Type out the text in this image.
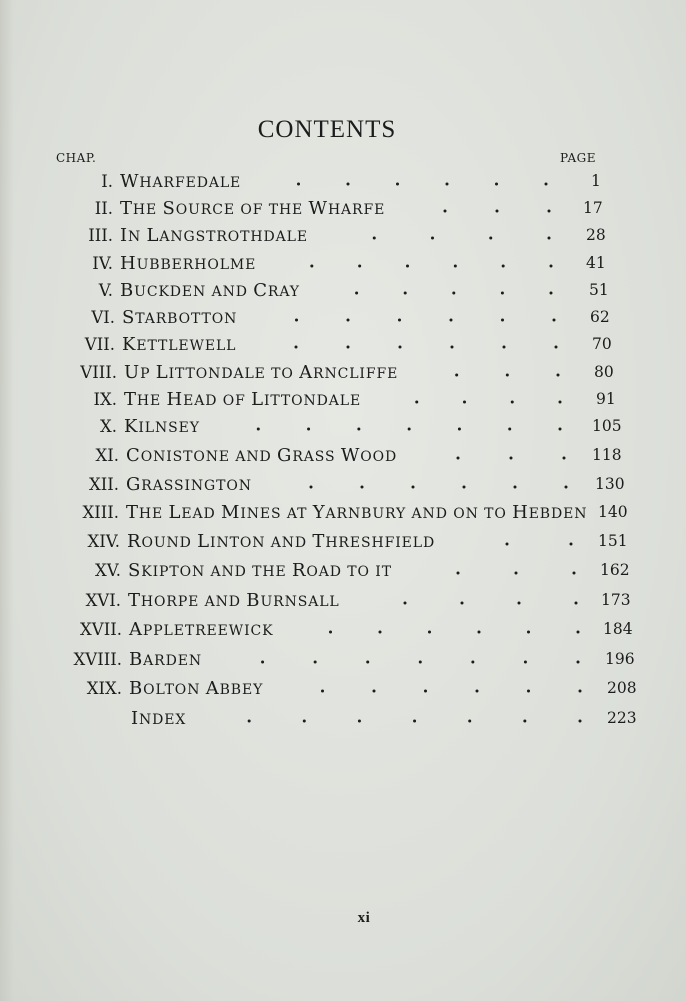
CONTENTS
CHAP.	PAGE
I. WHARFEDALE	1
II. THE SOURCE OF THE WHARFE	17
III. IN LANGSTROTHDALE	28
IV. HUBBERHOLME	41
V. BUCKDEN AND CRAY	51
VI. STARBOTTON	62
VII. KETTLEWELL	70
VIII. UP LITTONDALE TO ARNCLIFFE	80
IX. THE HEAD OF LITTONDALE	91
X. KILNSEY	105
XI. CONISTONE AND GRASS WOOD	118
XII. GRASSINGTON	130
XIII. THE LEAD MINES AT YARNBURY AND ON TO HEBDEN 140
XIV. ROUND LINTON AND THRESHFIELD	151
XV. SKIPTON AND THE ROAD TO IT	162
XVI. THORPE AND BURNSALL	173
XVII. APPLETREEWICK	184
XVIII. BARDEN	196
XIX. BOLTON ABBEY	208
INDEX	223
xi
